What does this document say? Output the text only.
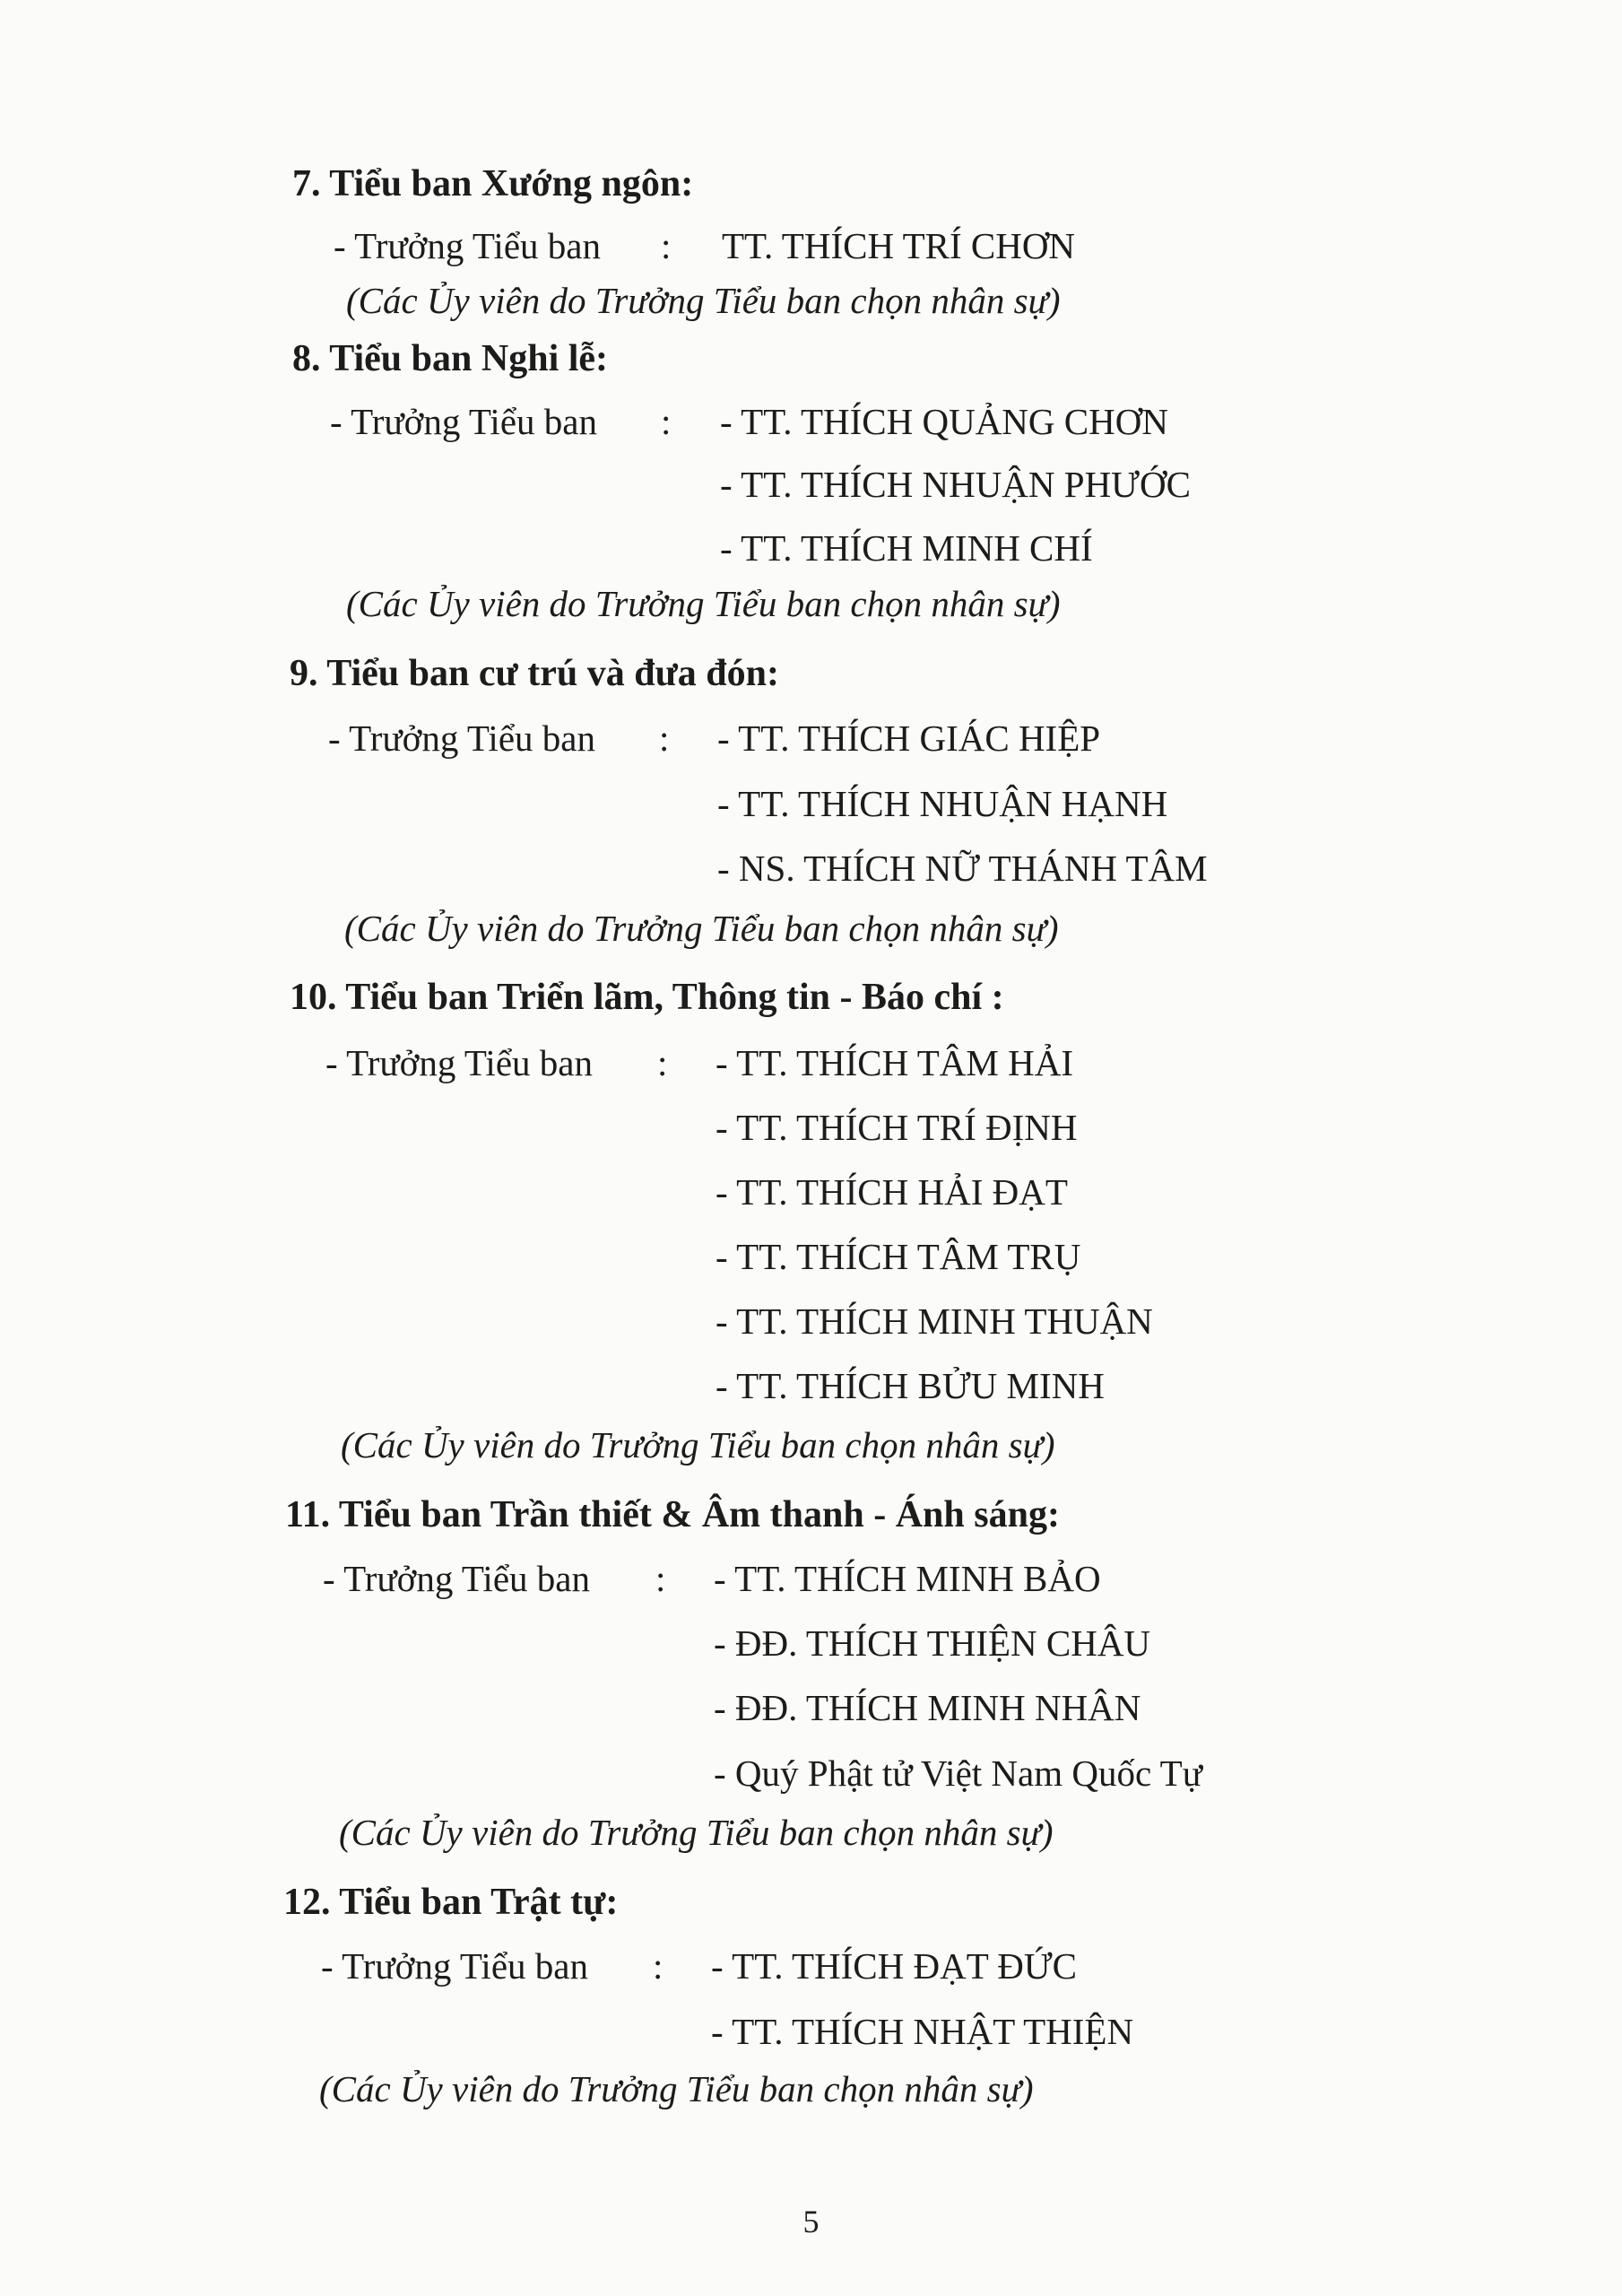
7. Tiểu ban Xướng ngôn:
- Trưởng Tiểu ban : TT. THÍCH TRÍ CHƠN
(Các Ủy viên do Trưởng Tiểu ban chọn nhân sự)
8. Tiểu ban Nghi lễ:
- Trưởng Tiểu ban : - TT. THÍCH QUẢNG CHƠN
- TT. THÍCH NHUẬN PHƯỚC
- TT. THÍCH MINH CHÍ
(Các Ủy viên do Trưởng Tiểu ban chọn nhân sự)
9. Tiểu ban cư trú và đưa đón:
- Trưởng Tiểu ban : - TT. THÍCH GIÁC HIỆP
- TT. THÍCH NHUẬN HẠNH
- NS. THÍCH NỮ THÁNH TÂM
(Các Ủy viên do Trưởng Tiểu ban chọn nhân sự)
10. Tiểu ban Triển lãm, Thông tin - Báo chí :
- Trưởng Tiểu ban : - TT. THÍCH TÂM HẢI
- TT. THÍCH TRÍ ĐỊNH
- TT. THÍCH HẢI ĐẠT
- TT. THÍCH TÂM TRỤ
- TT. THÍCH MINH THUẬN
- TT. THÍCH BỬU MINH
(Các Ủy viên do Trưởng Tiểu ban chọn nhân sự)
11. Tiểu ban Trần thiết & Âm thanh - Ánh sáng:
- Trưởng Tiểu ban : - TT. THÍCH MINH BẢO
- ĐĐ. THÍCH THIỆN CHÂU
- ĐĐ. THÍCH MINH NHÂN
- Quý Phật tử Việt Nam Quốc Tự
(Các Ủy viên do Trưởng Tiểu ban chọn nhân sự)
12. Tiểu ban Trật tự:
- Trưởng Tiểu ban : - TT. THÍCH ĐẠT ĐỨC
- TT. THÍCH NHẬT THIỆN
(Các Ủy viên do Trưởng Tiểu ban chọn nhân sự)
5
